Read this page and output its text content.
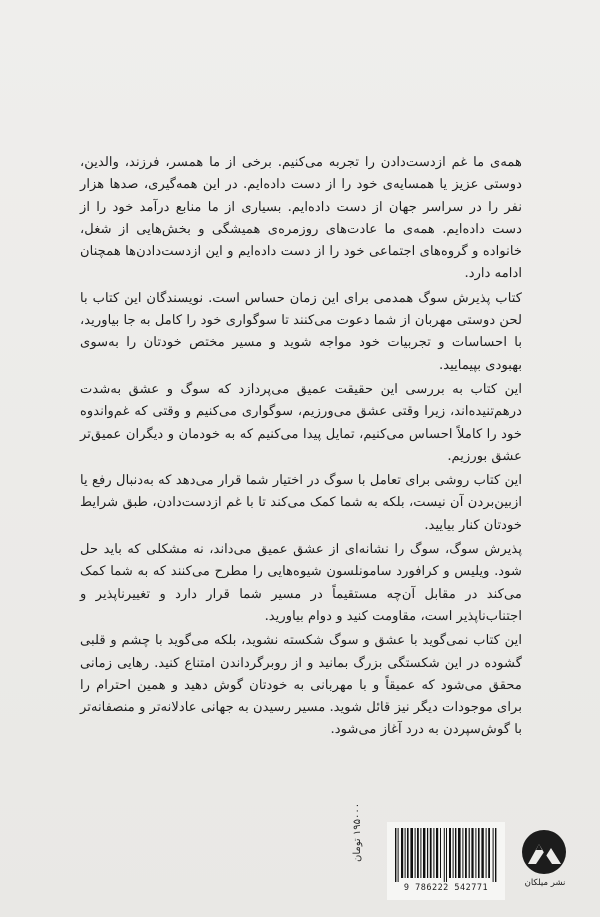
همه‌ی ما غم ازدست‌دادن را تجربه می‌کنیم. برخی از ما همسر، فرزند، والدین، دوستی عزیز یا همسایه‌ی خود را از دست داده‌ایم. در این همه‌گیری، صدها هزار نفر را در سراسر جهان از دست داده‌ایم. بسیاری از ما منابع درآمد خود را از دست داده‌ایم. همه‌ی ما عادت‌های روزمره‌ی همیشگی و بخش‌هایی از شغل، خانواده و گروه‌های اجتماعی خود را از دست داده‌ایم و این ازدست‌دادن‌ها همچنان ادامه دارد.

کتاب پذیرش سوگ همدمی برای این زمان حساس است. نویسندگان این کتاب با لحن دوستی مهربان از شما دعوت می‌کنند تا سوگواری خود را کامل به جا بیاورید، با احساسات و تجربیات خود مواجه شوید و مسیر مختص خودتان را به‌سوی بهبودی بپیمایید.

این کتاب به بررسی این حقیقت عمیق می‌پردازد که سوگ و عشق به‌شدت درهم‌تنیده‌اند، زیرا وقتی عشق می‌ورزیم، سوگواری می‌کنیم و وقتی که غم‌واندوه خود را کاملاً احساس می‌کنیم، تمایل پیدا می‌کنیم که به خودمان و دیگران عمیق‌تر عشق بورزیم.

این کتاب روشی برای تعامل با سوگ در اختیار شما قرار می‌دهد که به‌دنبال رفع یا ازبین‌بردن آن نیست، بلکه به شما کمک می‌کند تا با غم ازدست‌دادن، طبق شرایط خودتان کنار بیایید.

پذیرش سوگ، سوگ را نشانه‌ای از عشق عمیق می‌داند، نه مشکلی که باید حل شود. ویلیس و کرافورد سامونلسون شیوه‌هایی را مطرح می‌کنند که به شما کمک می‌کند در مقابل آن‌چه مستقیماً در مسیر شما قرار دارد و تغییرناپذیر و اجتناب‌ناپذیر است، مقاومت کنید و دوام بیاورید.

این کتاب نمی‌گوید با عشق و سوگ شکسته نشوید، بلکه می‌گوید با چشم و قلبی گشوده در این شکستگی بزرگ بمانید و از روبرگرداندن امتناع کنید. رهایی زمانی محقق می‌شود که عمیقاً و با مهربانی به خودتان گوش دهید و همین احترام را برای موجودات دیگر نیز قائل شوید. مسیر رسیدن به جهانی عادلانه‌تر و منصفانه‌تر با گوش‌سپردن به درد آغاز می‌شود.

۱۹۵۰۰۰ تومان
9 786222 542771	نشر میلکان
